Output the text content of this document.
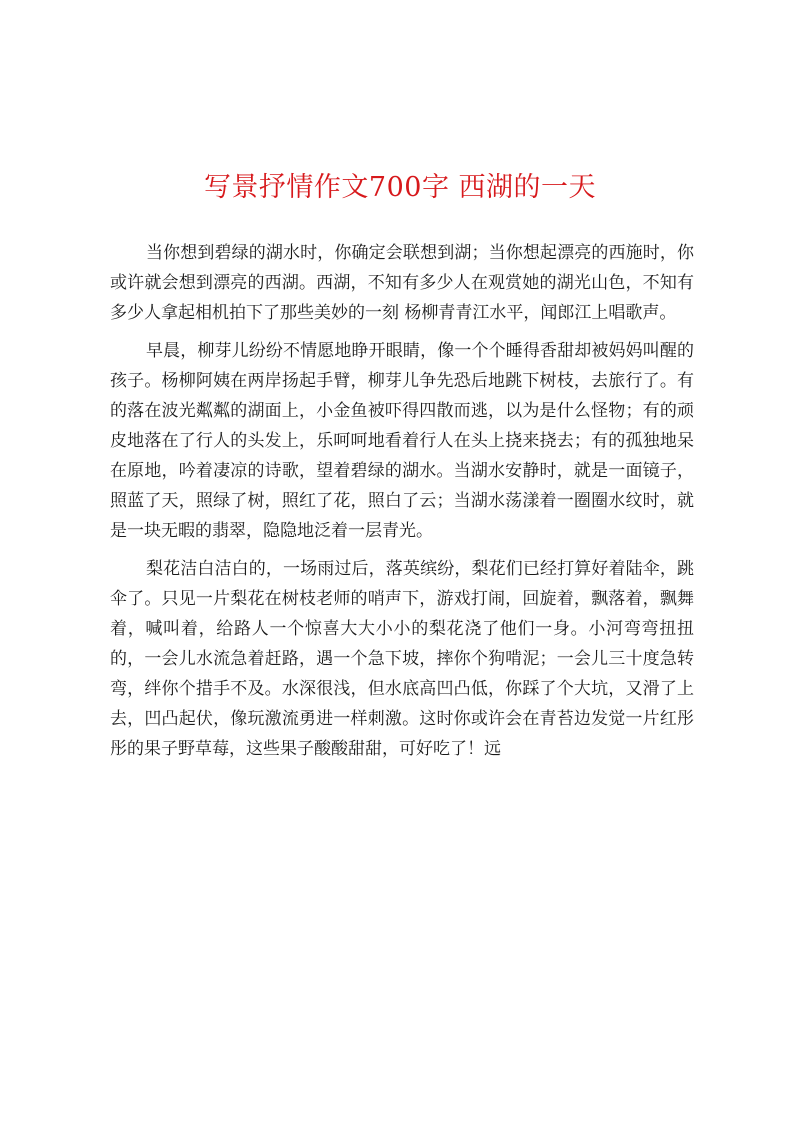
写景抒情作文700字 西湖的一天

当你想到碧绿的湖水时，你确定会联想到湖；当你想起漂亮的西施时，你或许就会想到漂亮的西湖。西湖，不知有多少人在观赏她的湖光山色，不知有多少人拿起相机拍下了那些美妙的一刻 杨柳青青江水平，闻郎江上唱歌声。

早晨，柳芽儿纷纷不情愿地睁开眼睛，像一个个睡得香甜却被妈妈叫醒的孩子。杨柳阿姨在两岸扬起手臂，柳芽儿争先恐后地跳下树枝，去旅行了。有的落在波光粼粼的湖面上，小金鱼被吓得四散而逃，以为是什么怪物；有的顽皮地落在了行人的头发上，乐呵呵地看着行人在头上挠来挠去；有的孤独地呆在原地，吟着凄凉的诗歌，望着碧绿的湖水。当湖水安静时，就是一面镜子，照蓝了天，照绿了树，照红了花，照白了云；当湖水荡漾着一圈圈水纹时，就是一块无暇的翡翠，隐隐地泛着一层青光。

梨花洁白洁白的，一场雨过后，落英缤纷，梨花们已经打算好着陆伞，跳伞了。只见一片梨花在树枝老师的哨声下，游戏打闹，回旋着，飘落着，飘舞着，喊叫着，给路人一个惊喜大大小小的梨花浇了他们一身。小河弯弯扭扭的，一会儿水流急着赶路，遇一个急下坡，摔你个狗啃泥；一会儿三十度急转弯，绊你个措手不及。水深很浅，但水底高凹凸低，你踩了个大坑，又滑了上去，凹凸起伏，像玩激流勇进一样刺激。这时你或许会在青苔边发觉一片红彤彤的果子野草莓，这些果子酸酸甜甜，可好吃了！远
